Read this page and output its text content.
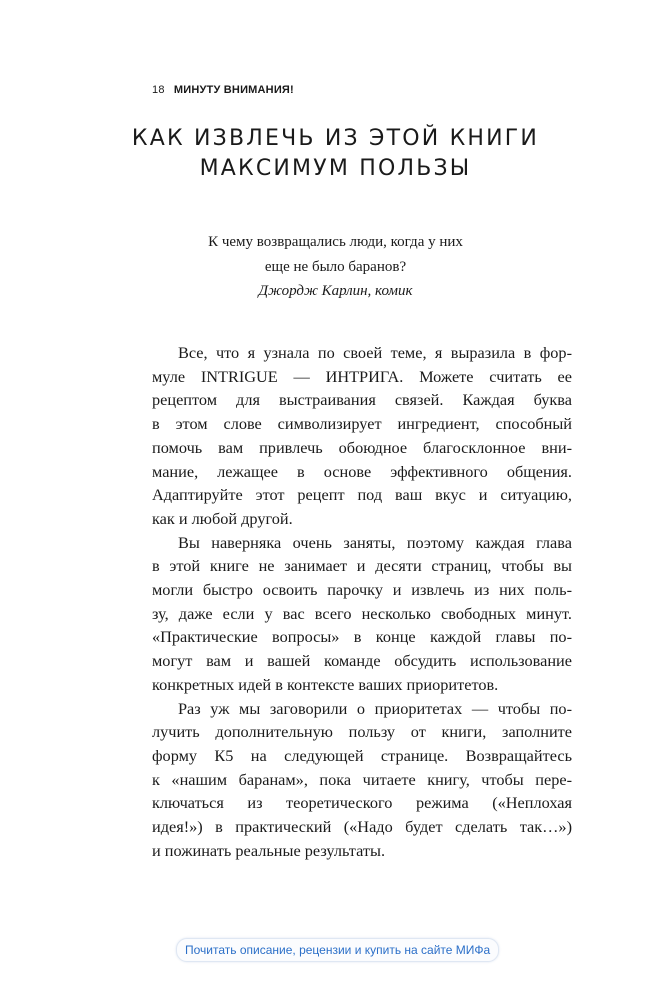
18 МИНУТУ ВНИМАНИЯ!
КАК ИЗВЛЕЧЬ ИЗ ЭТОЙ КНИГИ
МАКСИМУМ ПОЛЬЗЫ
К чему возвращались люди, когда у них
еще не было баранов?
Джордж Карлин, комик
Все, что я узнала по своей теме, я выразила в фор-
муле INTRIGUE — ИНТРИГА. Можете считать ее
рецептом для выстраивания связей. Каждая буква
в этом слове символизирует ингредиент, способный
помочь вам привлечь обоюдное благосклонное вни-
мание, лежащее в основе эффективного общения.
Адаптируйте этот рецепт под ваш вкус и ситуацию,
как и любой другой.
Вы наверняка очень заняты, поэтому каждая глава
в этой книге не занимает и десяти страниц, чтобы вы
могли быстро освоить парочку и извлечь из них поль-
зу, даже если у вас всего несколько свободных минут.
«Практические вопросы» в конце каждой главы по-
могут вам и вашей команде обсудить использование
конкретных идей в контексте ваших приоритетов.
Раз уж мы заговорили о приоритетах — чтобы по-
лучить дополнительную пользу от книги, заполните
форму К5 на следующей странице. Возвращайтесь
к «нашим баранам», пока читаете книгу, чтобы пере-
ключаться из теоретического режима («Неплохая
идея!») в практический («Надо будет сделать так…»)
и пожинать реальные результаты.
Почитать описание, рецензии и купить на сайте МИФа
